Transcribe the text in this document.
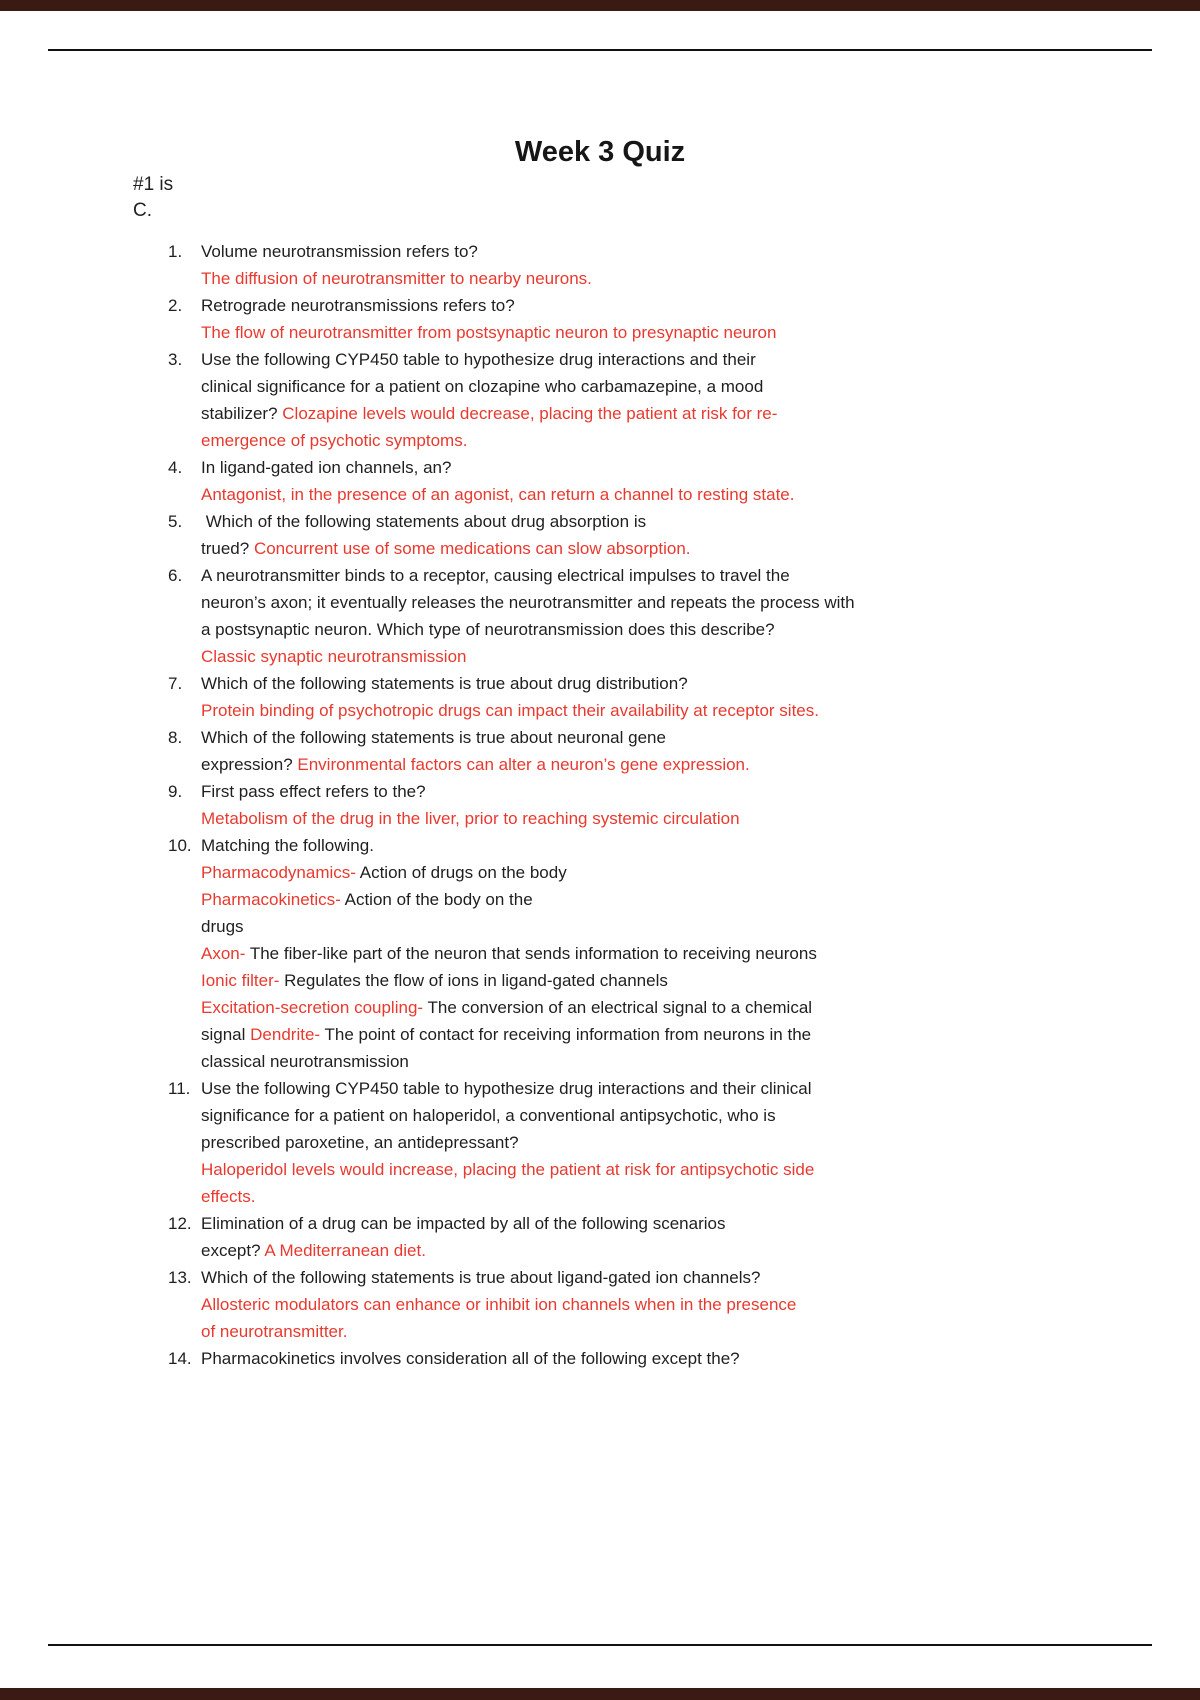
Week 3 Quiz
#1 is
C.
1.	Volume neurotransmission refers to?
The diffusion of neurotransmitter to nearby neurons.
2.	Retrograde neurotransmissions refers to?
The flow of neurotransmitter from postsynaptic neuron to presynaptic neuron
3.	Use the following CYP450 table to hypothesize drug interactions and their
clinical significance for a patient on clozapine who carbamazepine, a mood
stabilizer? Clozapine levels would decrease, placing the patient at risk for re-
emergence of psychotic symptoms.
4.	In ligand-gated ion channels, an?
Antagonist, in the presence of an agonist, can return a channel to resting state.
5.	Which of the following statements about drug absorption is
trued? Concurrent use of some medications can slow absorption.
6.	A neurotransmitter binds to a receptor, causing electrical impulses to travel the
neuron’s axon; it eventually releases the neurotransmitter and repeats the process with
a postsynaptic neuron. Which type of neurotransmission does this describe?
Classic synaptic neurotransmission
7.	Which of the following statements is true about drug distribution?
Protein binding of psychotropic drugs can impact their availability at receptor sites.
8.	Which of the following statements is true about neuronal gene
expression? Environmental factors can alter a neuron’s gene expression.
9.	First pass effect refers to the?
Metabolism of the drug in the liver, prior to reaching systemic circulation
10. Matching the following.
Pharmacodynamics- Action of drugs on the body
Pharmacokinetics- Action of the body on the
drugs
Axon- The fiber-like part of the neuron that sends information to receiving neurons
Ionic filter- Regulates the flow of ions in ligand-gated channels
Excitation-secretion coupling- The conversion of an electrical signal to a chemical
signal Dendrite- The point of contact for receiving information from neurons in the
classical neurotransmission
11. Use the following CYP450 table to hypothesize drug interactions and their clinical
significance for a patient on haloperidol, a conventional antipsychotic, who is
prescribed paroxetine, an antidepressant?
Haloperidol levels would increase, placing the patient at risk for antipsychotic side
effects.
12. Elimination of a drug can be impacted by all of the following scenarios
except? A Mediterranean diet.
13. Which of the following statements is true about ligand-gated ion channels?
Allosteric modulators can enhance or inhibit ion channels when in the presence
of neurotransmitter.
14. Pharmacokinetics involves consideration all of the following except the?
